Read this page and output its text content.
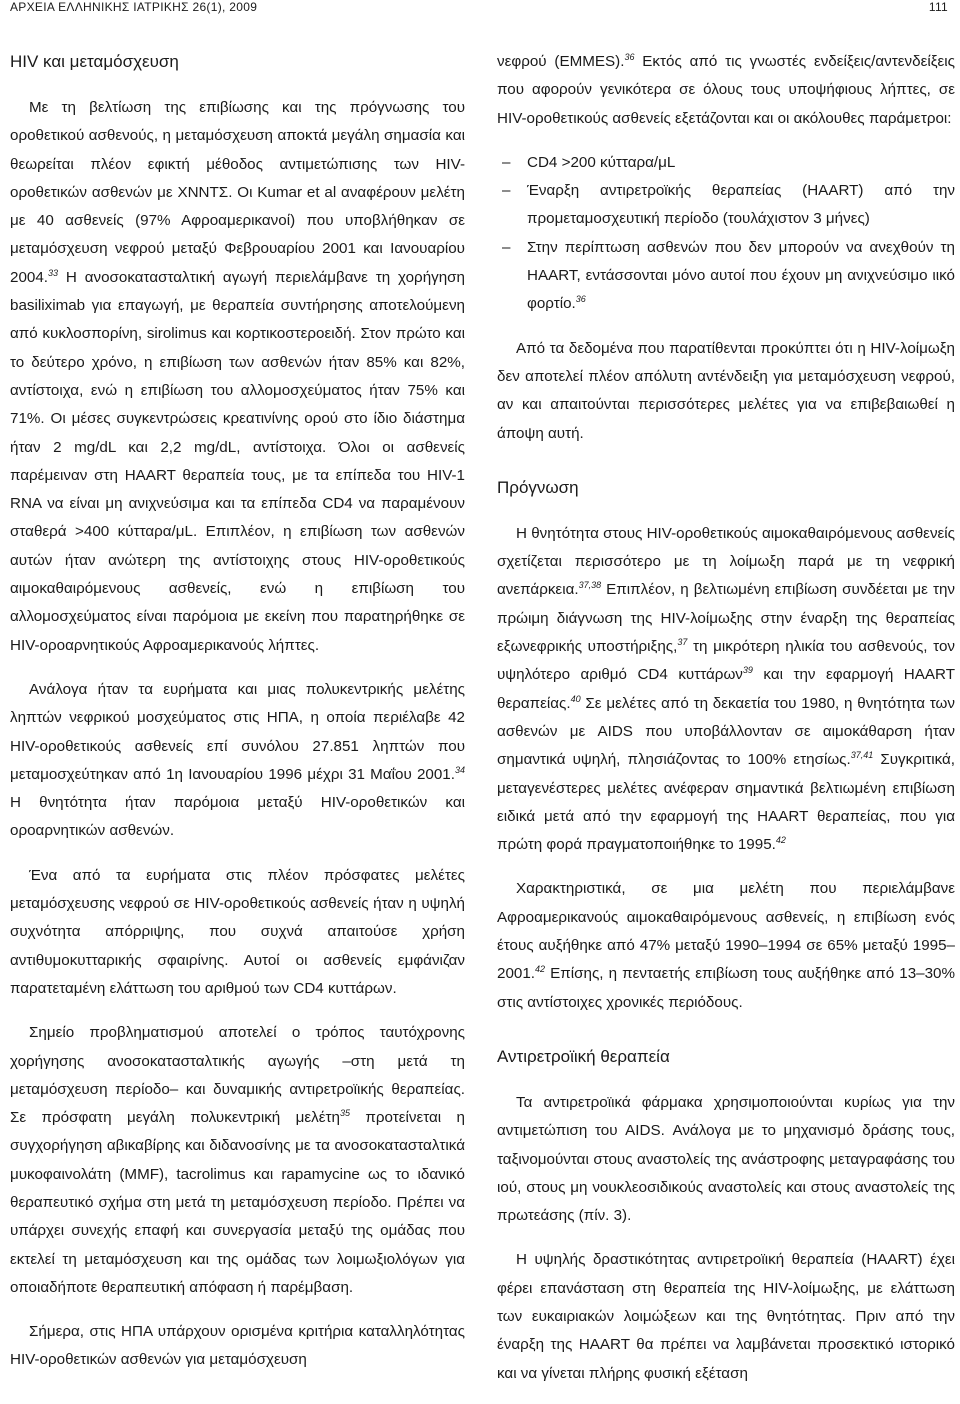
ΑΡΧΕΙΑ ΕΛΛΗΝΙΚΗΣ ΙΑΤΡΙΚΗΣ 26(1), 2009	111
HIV και μεταμόσχευση

Με τη βελτίωση της επιβίωσης και της πρόγνωσης του οροθετικού ασθενούς, η μεταμόσχευση αποκτά μεγάλη σημασία και θεωρείται πλέον εφικτή μέθοδος αντιμετώπισης των HIV-οροθετικών ασθενών με ΧΝΝΤΣ. Οι Kumar et al αναφέρουν μελέτη με 40 ασθενείς (97% Αφροαμερικανοί) που υποβλήθηκαν σε μεταμόσχευση νεφρού μεταξύ Φεβρουαρίου 2001 και Ιανουαρίου 2004.33 Η ανοσοκατασταλτική αγωγή περιελάμβανε τη χορήγηση basiliximab για επαγωγή, με θεραπεία συντήρησης αποτελούμενη από κυκλοσπορίνη, sirolimus και κορτικοστεροειδή. Στον πρώτο και το δεύτερο χρόνο, η επιβίωση των ασθενών ήταν 85% και 82%, αντίστοιχα, ενώ η επιβίωση του αλλομοσχεύματος ήταν 75% και 71%. Οι μέσες συγκεντρώσεις κρεατινίνης ορού στο ίδιο διάστημα ήταν 2 mg/dL και 2,2 mg/dL, αντίστοιχα. Όλοι οι ασθενείς παρέμειναν στη HAART θεραπεία τους, με τα επίπεδα του HIV-1 RNA να είναι μη ανιχνεύσιμα και τα επίπεδα CD4 να παραμένουν σταθερά >400 κύτταρα/μL. Επιπλέον, η επιβίωση των ασθενών αυτών ήταν ανώτερη της αντίστοιχης στους HIV-οροθετικούς αιμοκαθαιρόμενους ασθενείς, ενώ η επιβίωση του αλλομοσχεύματος είναι παρόμοια με εκείνη που παρατηρήθηκε σε HIV-οροαρνητικούς Αφροαμερικανούς λήπτες.

Ανάλογα ήταν τα ευρήματα και μιας πολυκεντρικής μελέτης ληπτών νεφρικού μοσχεύματος στις ΗΠΑ, η οποία περιέλαβε 42 HIV-οροθετικούς ασθενείς επί συνόλου 27.851 ληπτών που μεταμοσχεύτηκαν από 1η Ιανουαρίου 1996 μέχρι 31 Μαΐου 2001.34 Η θνητότητα ήταν παρόμοια μεταξύ HIV-οροθετικών και οροαρνητικών ασθενών.

Ένα από τα ευρήματα στις πλέον πρόσφατες μελέτες μεταμόσχευσης νεφρού σε HIV-οροθετικούς ασθενείς ήταν η υψηλή συχνότητα απόρριψης, που συχνά απαιτούσε χρήση αντιθυμοκυτταρικής σφαιρίνης. Αυτοί οι ασθενείς εμφάνιζαν παρατεταμένη ελάττωση του αριθμού των CD4 κυττάρων.

Σημείο προβληματισμού αποτελεί ο τρόπος ταυτόχρονης χορήγησης ανοσοκατασταλτικής αγωγής –στη μετά τη μεταμόσχευση περίοδο– και δυναμικής αντιρετροϊικής θεραπείας. Σε πρόσφατη μεγάλη πολυκεντρική μελέτη$^{35}$ προτείνεται η συγχορήγηση αβικαβίρης και διδανοσίνης με τα ανοσοκατασταλτικά μυκοφαινολάτη (MMF), tacrolimus και rapamycine ως το ιδανικό θεραπευτικό σχήμα στη μετά τη μεταμόσχευση περίοδο. Πρέπει να υπάρχει συνεχής επαφή και συνεργασία μεταξύ της ομάδας που εκτελεί τη μεταμόσχευση και της ομάδας των λοιμωξιολόγων για οποιαδήποτε θεραπευτική απόφαση ή παρέμβαση.

Σήμερα, στις ΗΠΑ υπάρχουν ορισμένα κριτήρια καταλληλότητας HIV-οροθετικών ασθενών για μεταμόσχευση

νεφρού (EMMES).$^{36}$ Εκτός από τις γνωστές ενδείξεις/αντενδείξεις που αφορούν γενικότερα σε όλους τους υποψήφιους λήπτες, σε HIV-οροθετικούς ασθενείς εξετάζονται και οι ακόλουθες παράμετροι:

– CD4 >200 κύτταρα/μL
– Έναρξη αντιρετροϊκής θεραπείας (HAART) από την προμεταμοσχευτική περίοδο (τουλάχιστον 3 μήνες)
– Στην περίπτωση ασθενών που δεν μπορούν να ανεχθούν τη HAART, εντάσσονται μόνο αυτοί που έχουν μη ανιχνεύσιμο ιικό φορτίο.$^{36}$

Από τα δεδομένα που παρατίθενται προκύπτει ότι η HIV-λοίμωξη δεν αποτελεί πλέον απόλυτη αντένδειξη για μεταμόσχευση νεφρού, αν και απαιτούνται περισσότερες μελέτες για να επιβεβαιωθεί η άποψη αυτή.

Πρόγνωση

Η θνητότητα στους HIV-οροθετικούς αιμοκαθαιρόμενους ασθενείς σχετίζεται περισσότερο με τη λοίμωξη παρά με τη νεφρική ανεπάρκεια.$^{37,38}$ Επιπλέον, η βελτιωμένη επιβίωση συνδέεται με την πρώιμη διάγνωση της HIV-λοίμωξης στην έναρξη της θεραπείας εξωνεφρικής υποστήριξης,$^{37}$ τη μικρότερη ηλικία του ασθενούς, τον υψηλότερο αριθμό CD4 κυττάρων$^{39}$ και την εφαρμογή HAART θεραπείας.$^{40}$ Σε μελέτες από τη δεκαετία του 1980, η θνητότητα των ασθενών με AIDS που υποβάλλονταν σε αιμοκάθαρση ήταν σημαντικά υψηλή, πλησιάζοντας το 100% ετησίως.$^{37,41}$ Συγκριτικά, μεταγενέστερες μελέτες ανέφεραν σημαντικά βελτιωμένη επιβίωση ειδικά μετά από την εφαρμογή της HAART θεραπείας, που για πρώτη φορά πραγματοποιήθηκε το 1995.42

Χαρακτηριστικά, σε μια μελέτη που περιελάμβανε Αφροαμερικανούς αιμοκαθαιρόμενους ασθενείς, η επιβίωση ενός έτους αυξήθηκε από 47% μεταξύ 1990–1994 σε 65% μεταξύ 1995–2001.42 Επίσης, η πενταετής επιβίωση τους αυξήθηκε από 13–30% στις αντίστοιχες χρονικές περιόδους.

Αντιρετροϊική θεραπεία

Τα αντιρετροϊικά φάρμακα χρησιμοποιούνται κυρίως για την αντιμετώπιση του AIDS. Ανάλογα με το μηχανισμό δράσης τους, ταξινομούνται στους αναστολείς της ανάστροφης μεταγραφάσης του ιού, στους μη νουκλεοσιδικούς αναστολείς και στους αναστολείς της πρωτεάσης (πίν. 3).

Η υψηλής δραστικότητας αντιρετροϊική θεραπεία (HAART) έχει φέρει επανάσταση στη θεραπεία της HIV-λοίμωξης, με ελάττωση των ευκαιριακών λοιμώξεων και της θνητότητας. Πριν από την έναρξη της HAART θα πρέπει να λαμβάνεται προσεκτικό ιστορικό και να γίνεται πλήρης φυσική εξέταση
